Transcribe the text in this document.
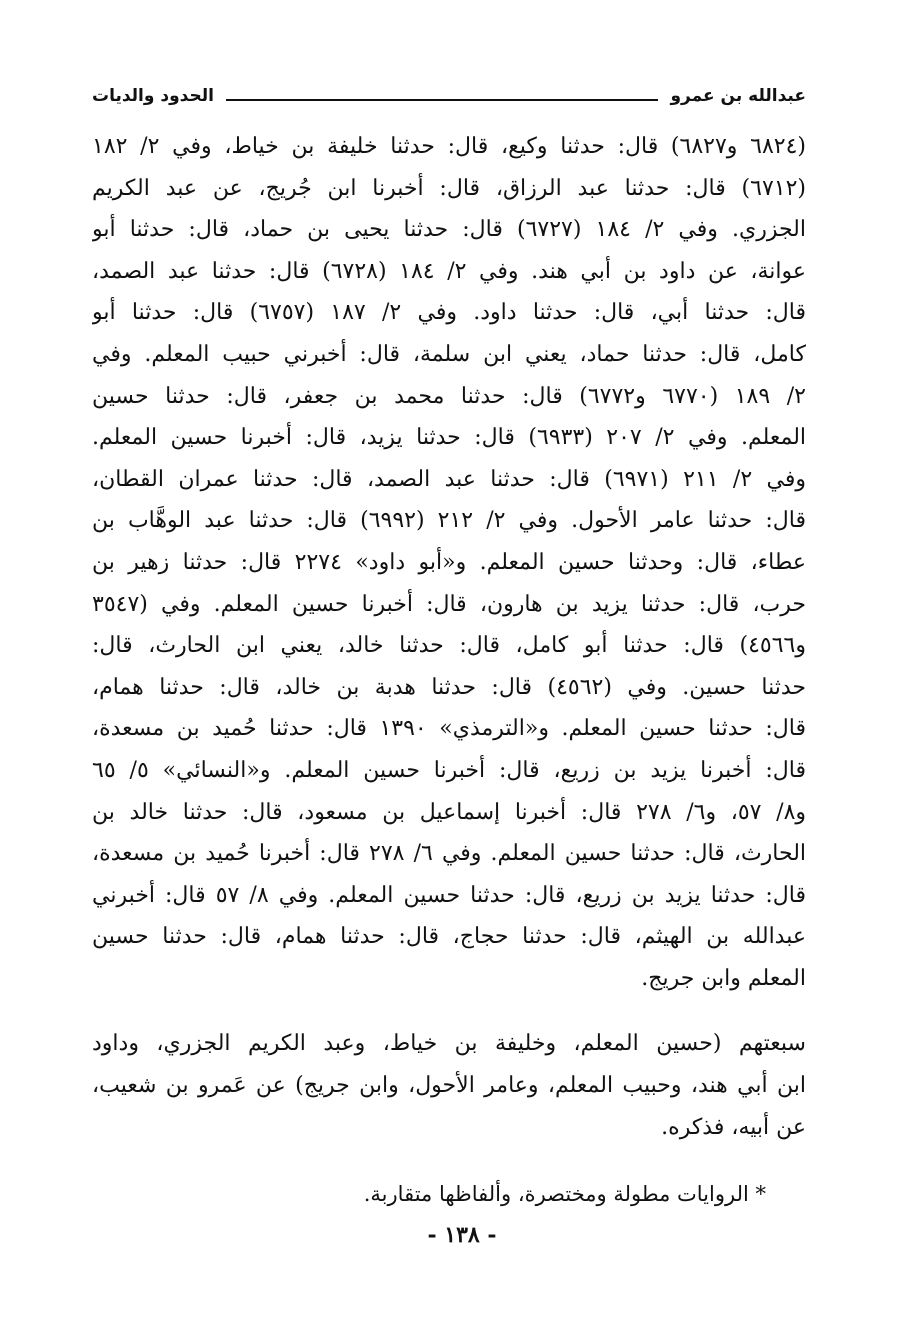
الحدود والديات	عبدالله بن عمرو
(٦٨٢٤ و٦٨٢٧) قال: حدثنا وكيع، قال: حدثنا خليفة بن خياط، وفي ٢/ ١٨٢
(٦٧١٢) قال: حدثنا عبد الرزاق، قال: أخبرنا ابن جُريج، عن عبد الكريم
الجزري. وفي ٢/ ١٨٤ (٦٧٢٧) قال: حدثنا يحيى بن حماد، قال: حدثنا أبو
عوانة، عن داود بن أبي هند. وفي ٢/ ١٨٤ (٦٧٢٨) قال: حدثنا عبد الصمد،
قال: حدثنا أبي، قال: حدثنا داود. وفي ٢/ ١٨٧ (٦٧٥٧) قال: حدثنا أبو
كامل، قال: حدثنا حماد، يعني ابن سلمة، قال: أخبرني حبيب المعلم. وفي
٢/ ١٨٩ (٦٧٧٠ و٦٧٧٢) قال: حدثنا محمد بن جعفر، قال: حدثنا حسين
المعلم. وفي ٢/ ٢٠٧ (٦٩٣٣) قال: حدثنا يزيد، قال: أخبرنا حسين المعلم.
وفي ٢/ ٢١١ (٦٩٧١) قال: حدثنا عبد الصمد، قال: حدثنا عمران القطان،
قال: حدثنا عامر الأحول. وفي ٢/ ٢١٢ (٦٩٩٢) قال: حدثنا عبد الوهَّاب بن
عطاء، قال: وحدثنا حسين المعلم. و«أبو داود» ٢٢٧٤ قال: حدثنا زهير بن
حرب، قال: حدثنا يزيد بن هارون، قال: أخبرنا حسين المعلم. وفي (٣٥٤٧
و٤٥٦٦) قال: حدثنا أبو كامل، قال: حدثنا خالد، يعني ابن الحارث، قال:
حدثنا حسين. وفي (٤٥٦٢) قال: حدثنا هدبة بن خالد، قال: حدثنا همام،
قال: حدثنا حسين المعلم. و«الترمذي» ١٣٩٠ قال: حدثنا حُميد بن مسعدة،
قال: أخبرنا يزيد بن زريع، قال: أخبرنا حسين المعلم. و«النسائي» ٥/ ٦٥
و٨/ ٥٧، و٦/ ٢٧٨ قال: أخبرنا إسماعيل بن مسعود، قال: حدثنا خالد بن
الحارث، قال: حدثنا حسين المعلم. وفي ٦/ ٢٧٨ قال: أخبرنا حُميد بن مسعدة،
قال: حدثنا يزيد بن زريع، قال: حدثنا حسين المعلم. وفي ٨/ ٥٧ قال: أخبرني
عبدالله بن الهيثم، قال: حدثنا حجاج، قال: حدثنا همام، قال: حدثنا حسين
المعلم وابن جريج.
سبعتهم (حسين المعلم، وخليفة بن خياط، وعبد الكريم الجزري، وداود
ابن أبي هند، وحبيب المعلم، وعامر الأحول، وابن جريج) عن عَمرو بن شعيب،
عن أبيه، فذكره.
* الروايات مطولة ومختصرة، وألفاظها متقاربة.
- ١٣٨ -
